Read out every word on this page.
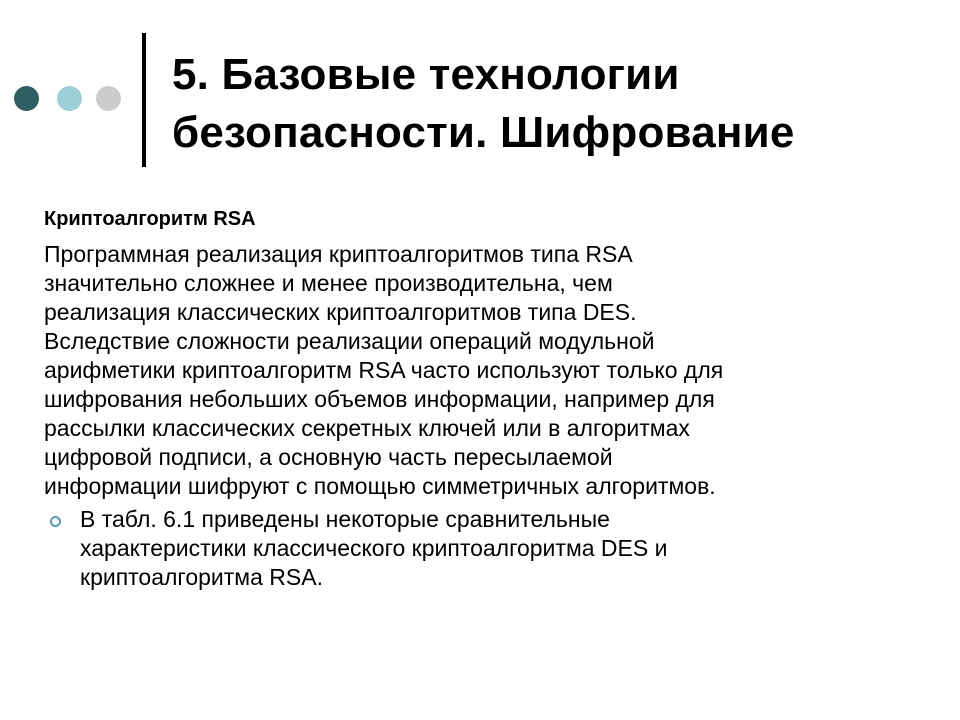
5. Базовые технологии
безопасности. Шифрование
Криптоалгоритм RSA

Программная реализация криптоалгоритмов типа RSA
значительно сложнее и менее производительна, чем
реализация классических криптоалгоритмов типа DES.
Вследствие сложности реализации операций модульной
арифметики криптоалгоритм RSA часто используют только для
шифрования небольших объемов информации, например для
рассылки классических секретных ключей или в алгоритмах
цифровой подписи, а основную часть пересылаемой
информации шифруют с помощью симметричных алгоритмов.

В табл. 6.1 приведены некоторые сравнительные
характеристики классического криптоалгоритма DES и
криптоалгоритма RSA.
